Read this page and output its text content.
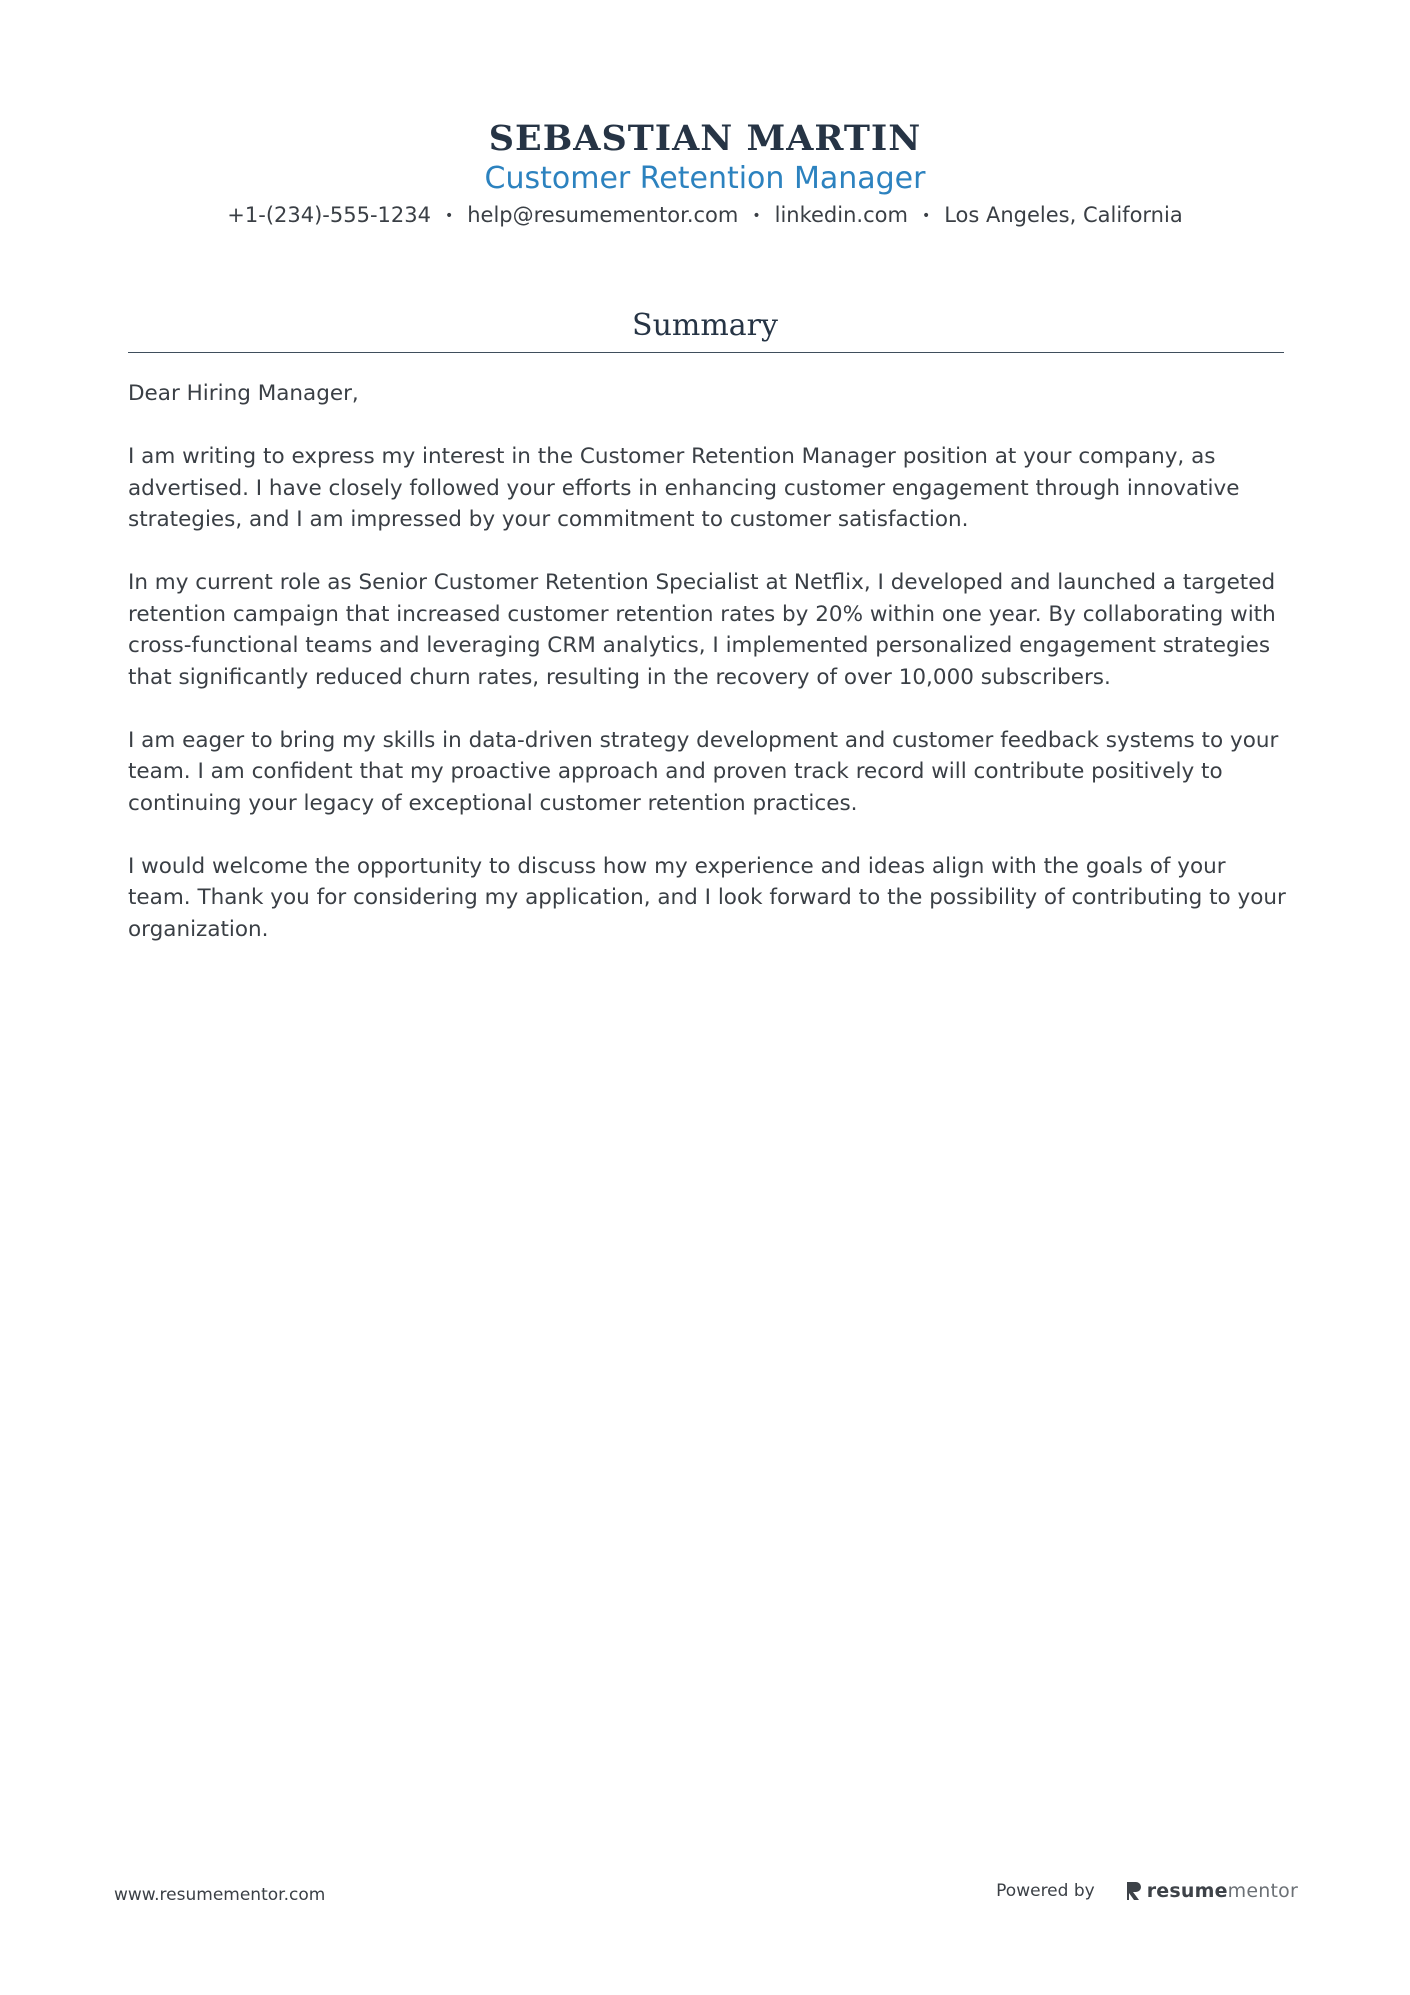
SEBASTIAN MARTIN
Customer Retention Manager
+1-(234)-555-1234 • help@resumementor.com • linkedin.com • Los Angeles, California
Summary

Dear Hiring Manager,

I am writing to express my interest in the Customer Retention Manager position at your company, as advertised. I have closely followed your efforts in enhancing customer engagement through innovative strategies, and I am impressed by your commitment to customer satisfaction.

In my current role as Senior Customer Retention Specialist at Netflix, I developed and launched a targeted retention campaign that increased customer retention rates by 20% within one year. By collaborating with cross-functional teams and leveraging CRM analytics, I implemented personalized engagement strategies that significantly reduced churn rates, resulting in the recovery of over 10,000 subscribers.

I am eager to bring my skills in data-driven strategy development and customer feedback systems to your team. I am confident that my proactive approach and proven track record will contribute positively to continuing your legacy of exceptional customer retention practices.

I would welcome the opportunity to discuss how my experience and ideas align with the goals of your team. Thank you for considering my application, and I look forward to the possibility of contributing to your organization.

www.resumementor.com	Powered by	resumementor
